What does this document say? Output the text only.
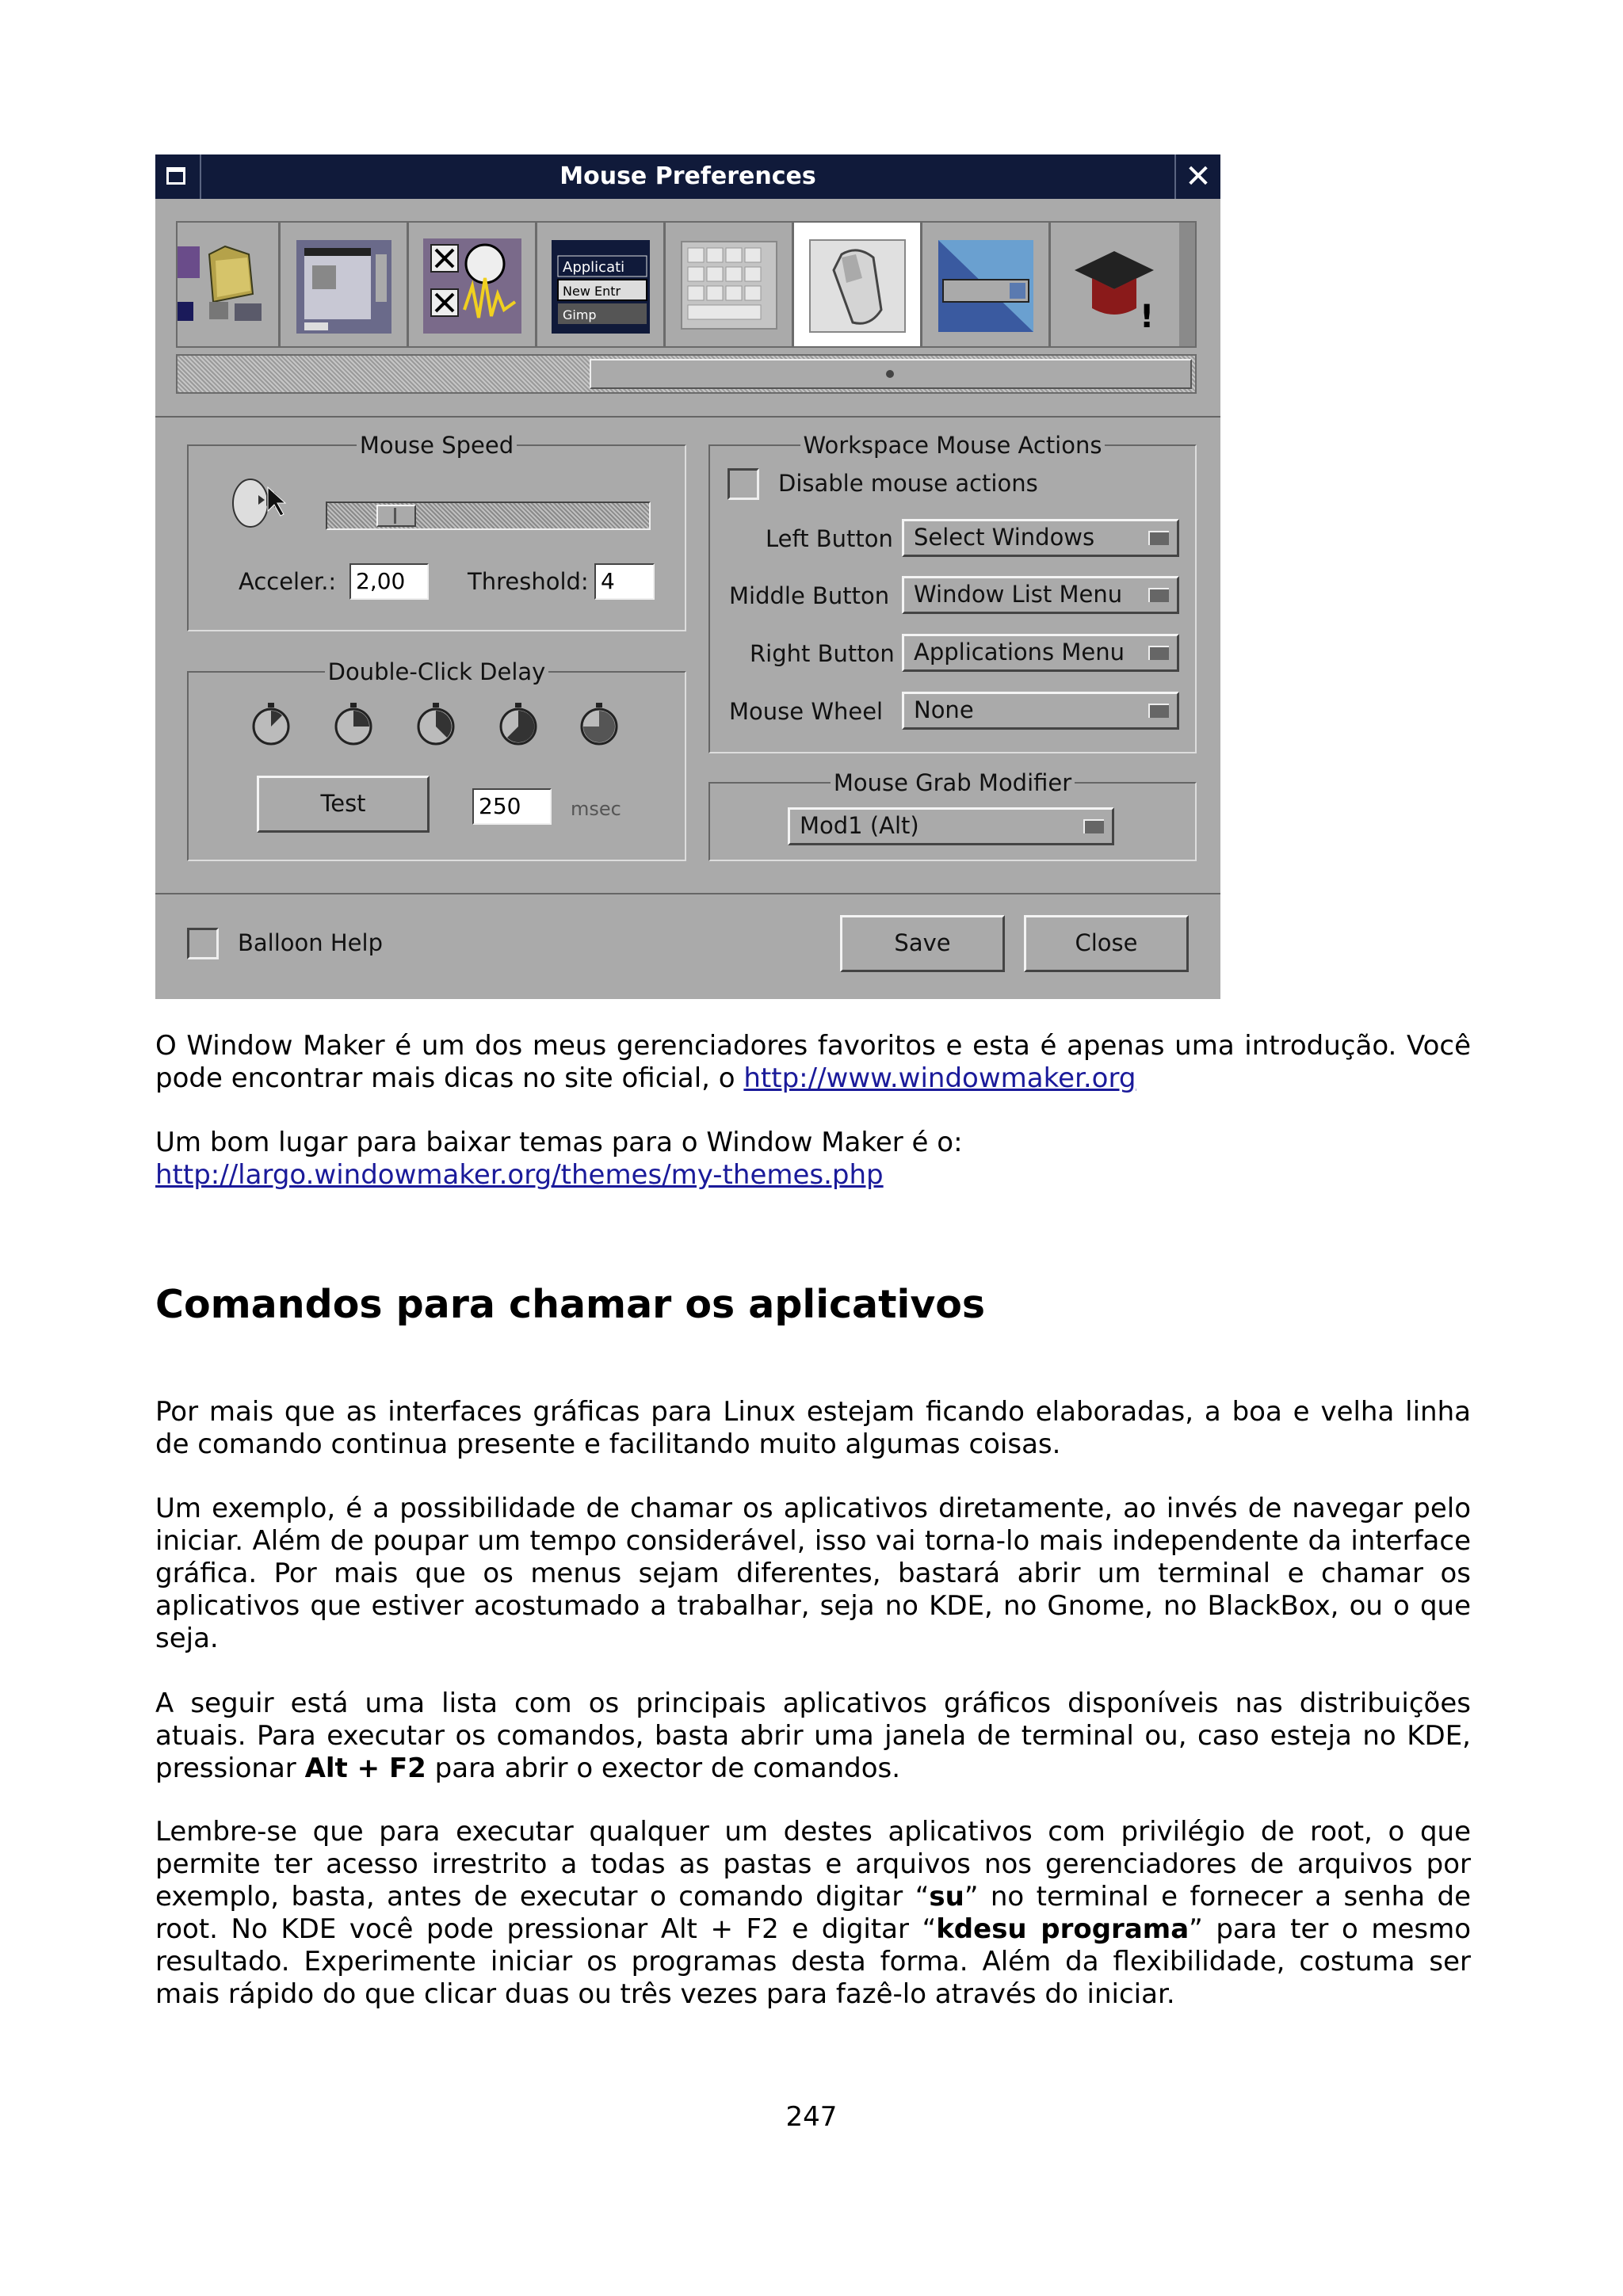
Mouse Preferences	✕
Applicati
New Entr
Gimp	!
Mouse Speed
Acceler.: 2,00	Threshold: 4
Double-Click Delay
Test	250	msec
Workspace Mouse Actions
Disable mouse actions
Left Button Select Windows
Middle Button	Window List Menu
Right Button Applications Menu
Mouse Wheel	None
Mouse Grab Modifier
Mod1 (Alt)
Balloon Help	Save	Close
O Window Maker é um dos meus gerenciadores favoritos e esta é apenas uma introdução. Você pode encontrar mais dicas no site oficial, o http://www.windowmaker.org
Um bom lugar para baixar temas para o Window Maker é o:
http://largo.windowmaker.org/themes/my-themes.php
Comandos para chamar os aplicativos
Por mais que as interfaces gráficas para Linux estejam ficando elaboradas, a boa e velha linha de comando continua presente e facilitando muito algumas coisas.
Um exemplo, é a possibilidade de chamar os aplicativos diretamente, ao invés de navegar pelo iniciar. Além de poupar um tempo considerável, isso vai torna-lo mais independente da interface gráfica. Por mais que os menus sejam diferentes, bastará abrir um terminal e chamar os aplicativos que estiver acostumado a trabalhar, seja no KDE, no Gnome, no BlackBox, ou o que seja.
A seguir está uma lista com os principais aplicativos gráficos disponíveis nas distribuições atuais. Para executar os comandos, basta abrir uma janela de terminal ou, caso esteja no KDE, pressionar Alt + F2 para abrir o exector de comandos.
Lembre-se que para executar qualquer um destes aplicativos com privilégio de root, o que permite ter acesso irrestrito a todas as pastas e arquivos nos gerenciadores de arquivos por exemplo, basta, antes de executar o comando digitar “su” no terminal e fornecer a senha de root. No KDE você pode pressionar Alt + F2 e digitar “kdesu programa” para ter o mesmo resultado. Experimente iniciar os programas desta forma. Além da flexibilidade, costuma ser mais rápido do que clicar duas ou três vezes para fazê-lo através do iniciar.
247
